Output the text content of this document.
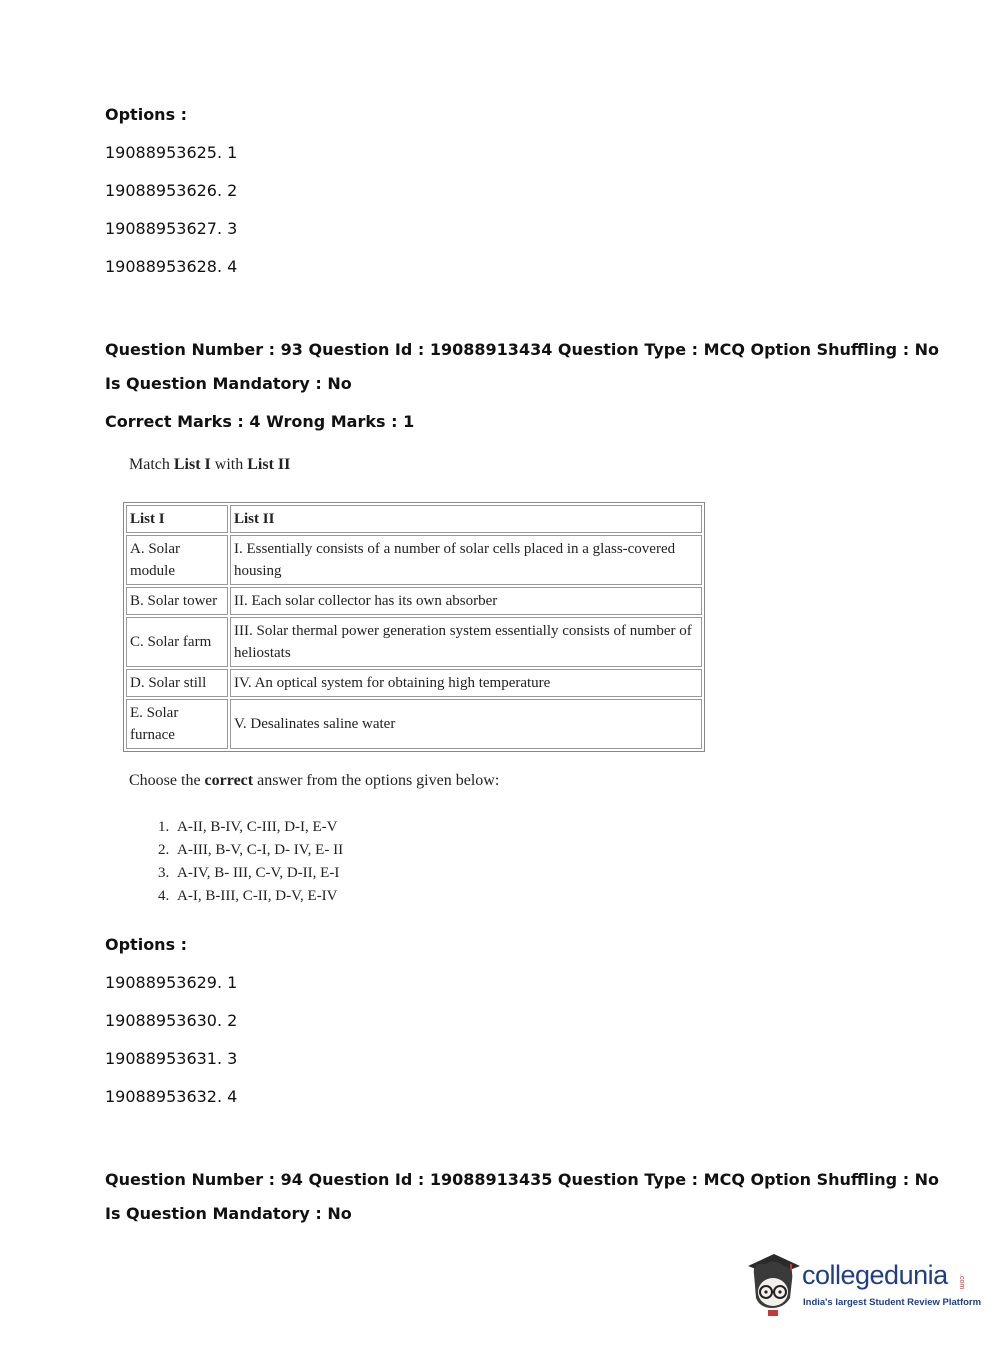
Options :
19088953625. 1
19088953626. 2
19088953627. 3
19088953628. 4
Question Number : 93 Question Id : 19088913434 Question Type : MCQ Option Shuffling : No
Is Question Mandatory : No
Correct Marks : 4 Wrong Marks : 1
Match List I with List II
List I	List II
A. Solar module	I. Essentially consists of a number of solar cells placed in a glass-covered housing
B. Solar tower	II. Each solar collector has its own absorber
C. Solar farm	III. Solar thermal power generation system essentially consists of number of heliostats
D. Solar still	IV. An optical system for obtaining high temperature
E. Solar furnace	V. Desalinates saline water
Choose the correct answer from the options given below:
1. A-II, B-IV, C-III, D-I, E-V
2. A-III, B-V, C-I, D- IV, E- II
3. A-IV, B- III, C-V, D-II, E-I
4. A-I, B-III, C-II, D-V, E-IV
Options :
19088953629. 1
19088953630. 2
19088953631. 3
19088953632. 4
Question Number : 94 Question Id : 19088913435 Question Type : MCQ Option Shuffling : No
Is Question Mandatory : No
collegedunia .com
India's largest Student Review Platform
